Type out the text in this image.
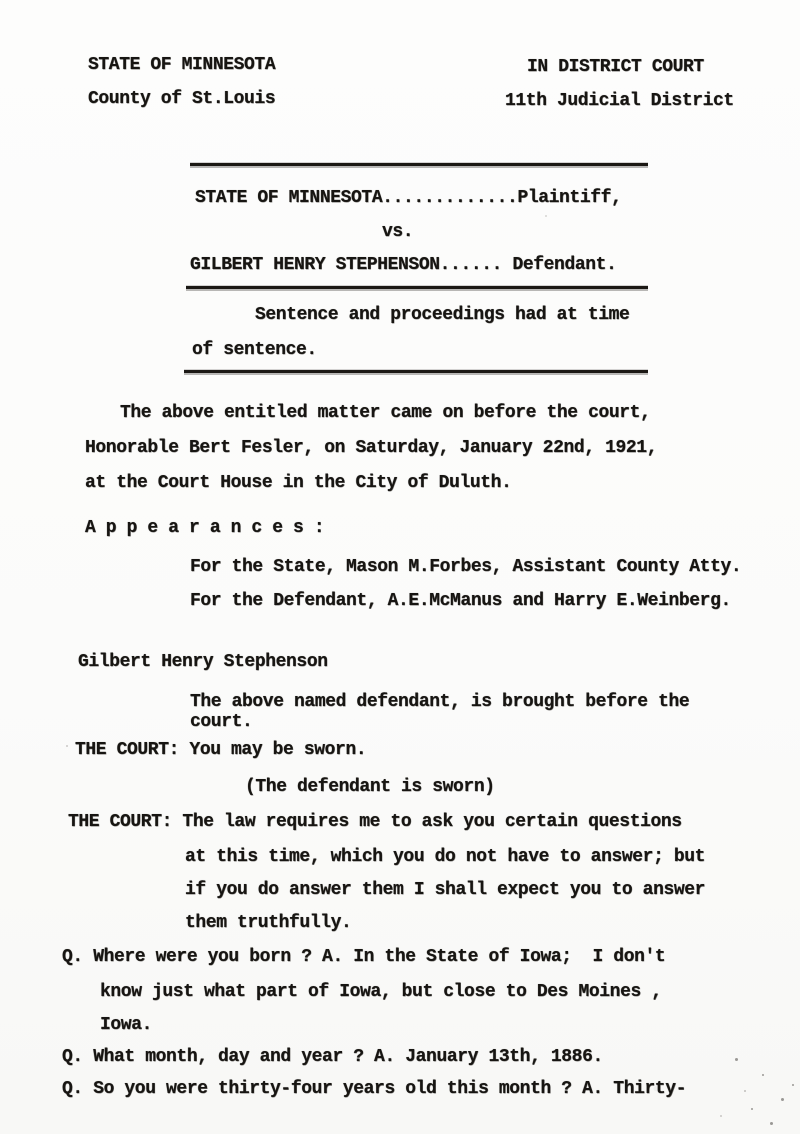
STATE OF MINNESOTA
County of St.Louis
IN DISTRICT COURT
11th Judicial District
STATE OF MINNESOTA.............Plaintiff,
vs.
GILBERT HENRY STEPHENSON...... Defendant.
Sentence and proceedings had at time
of sentence.
The above entitled matter came on before the court,
Honorable Bert Fesler, on Saturday, January 22nd, 1921,
at the Court House in the City of Duluth.
A p p e a r a n c e s :
For the State, Mason M.Forbes, Assistant County Atty.
For the Defendant, A.E.McManus and Harry E.Weinberg.
Gilbert Henry Stephenson
The above named defendant, is brought before the
court.
THE COURT: You may be sworn.
(The defendant is sworn)
THE COURT: The law requires me to ask you certain questions
at this time, which you do not have to answer; but
if you do answer them I shall expect you to answer
them truthfully.
Q. Where were you born ? A. In the State of Iowa;  I don't
know just what part of Iowa, but close to Des Moines ,
Iowa.
Q. What month, day and year ? A. January 13th, 1886.
Q. So you were thirty-four years old this month ? A. Thirty-
